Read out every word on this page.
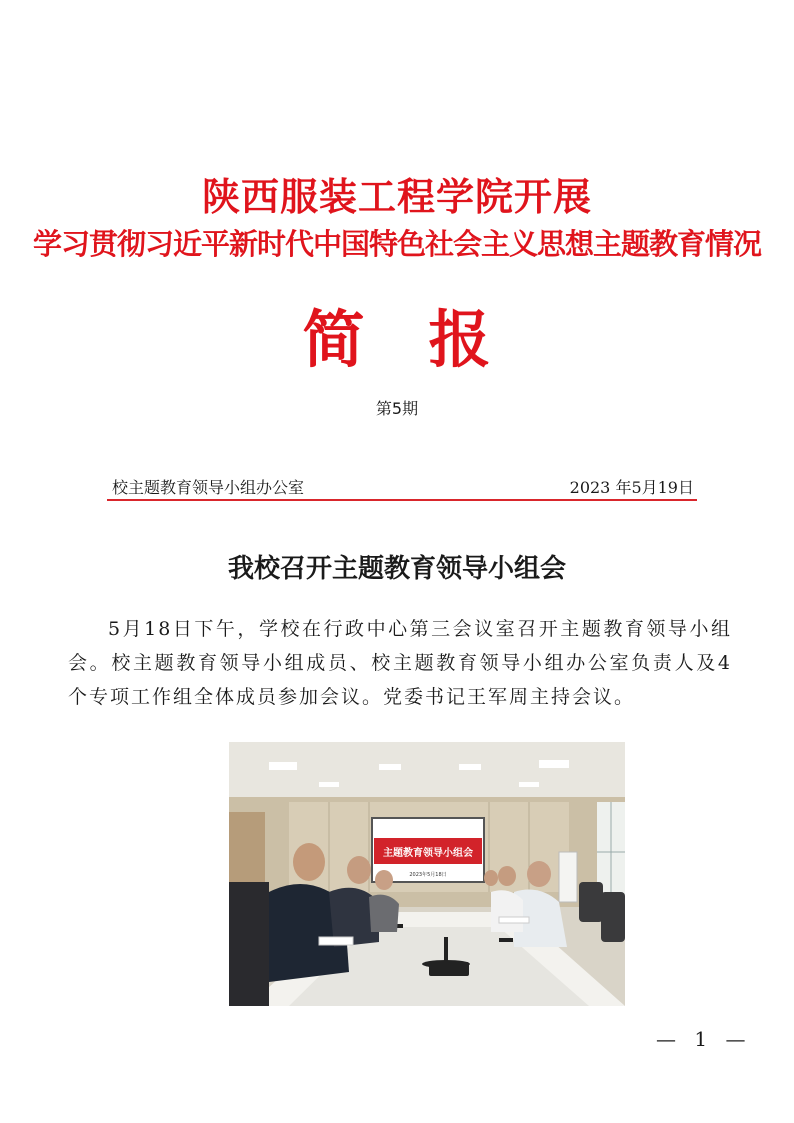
陕西服装工程学院开展
学习贯彻习近平新时代中国特色社会主义思想主题教育情况
简　报
第5期
校主题教育领导小组办公室	2023 年5月19日
我校召开主题教育领导小组会
5月18日下午，学校在行政中心第三会议室召开主题教育领导小组会。校主题教育领导小组成员、校主题教育领导小组办公室负责人及4个专项工作组全体成员参加会议。党委书记王军周主持会议。
主题教育领导小组会
2023年5月18日
— 1 —
